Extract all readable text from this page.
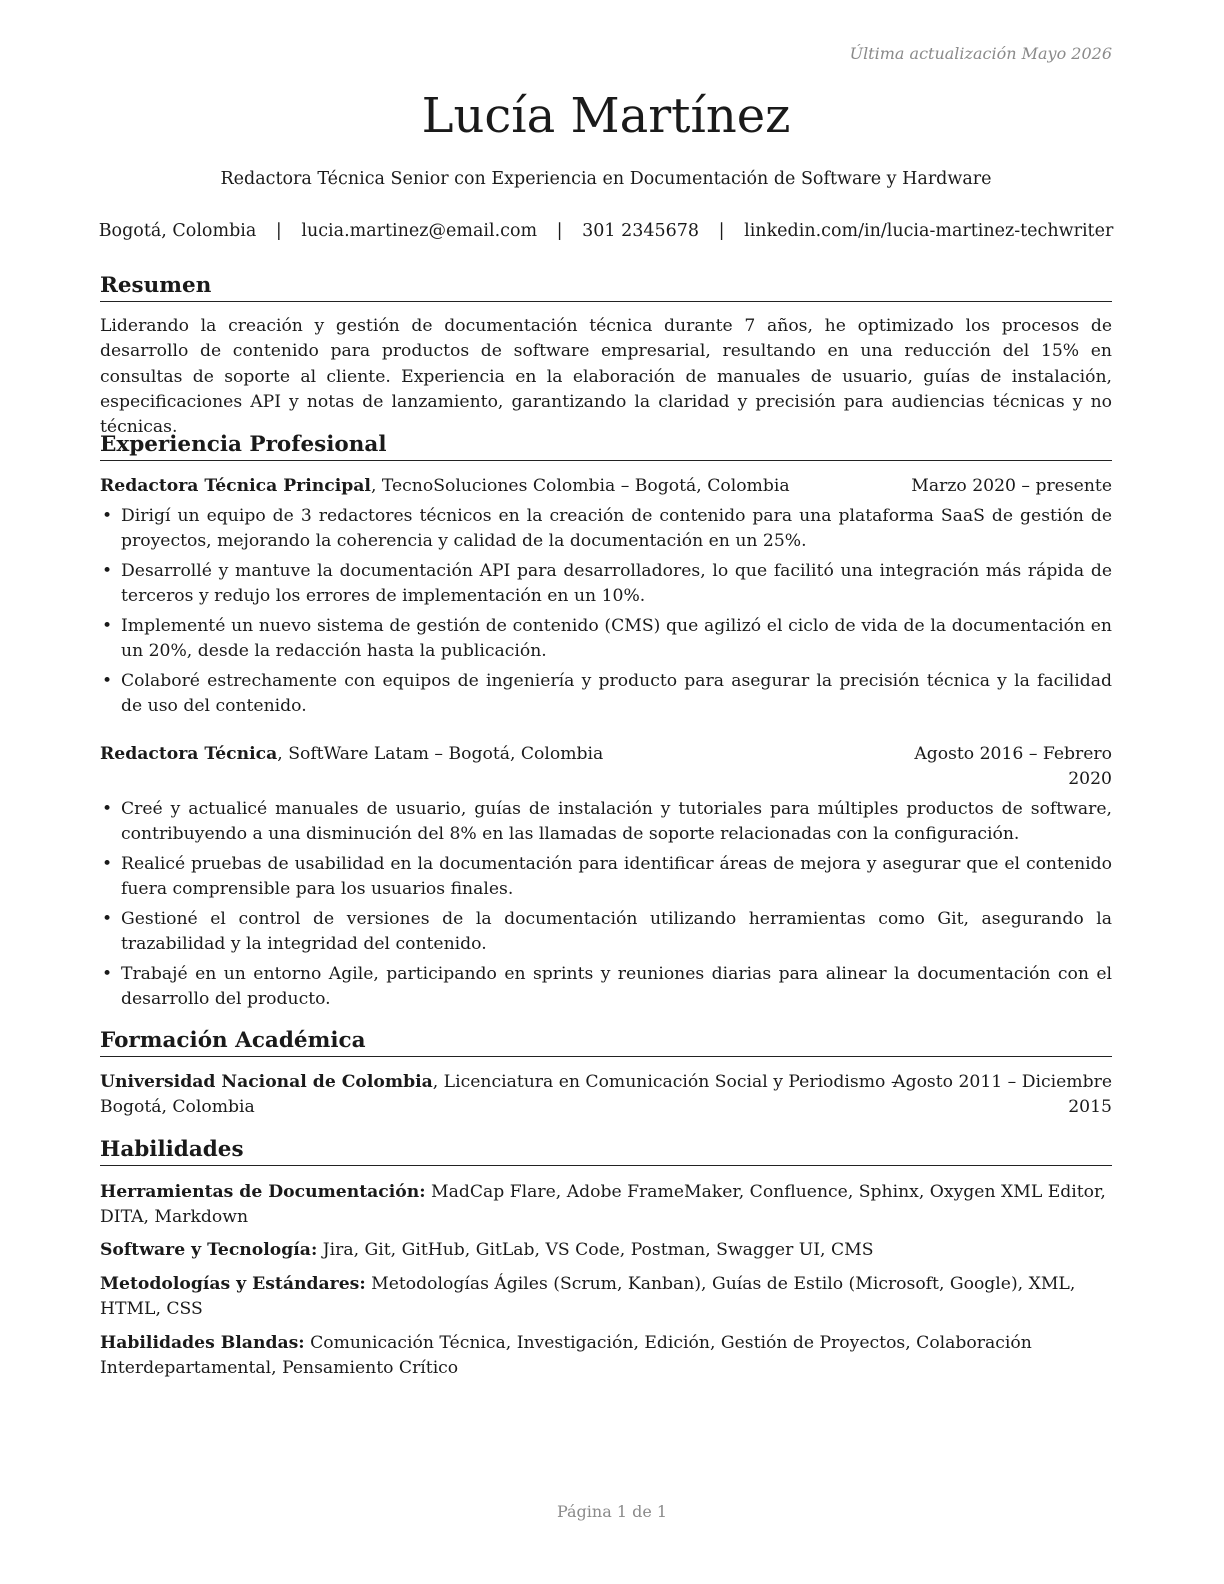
Última actualización Mayo 2026
Lucía Martínez
Redactora Técnica Senior con Experiencia en Documentación de Software y Hardware
Bogotá, Colombia | lucia.martinez@email.com | 301 2345678 | linkedin.com/in/lucia-martinez-techwriter
Resumen
Liderando la creación y gestión de documentación técnica durante 7 años, he optimizado los procesos de desarrollo de contenido para productos de software empresarial, resultando en una reducción del 15% en consultas de soporte al cliente. Experiencia en la elaboración de manuales de usuario, guías de instalación, especificaciones API y notas de lanzamiento, garantizando la claridad y precisión para audiencias técnicas y no técnicas.
Experiencia Profesional
Redactora Técnica Principal, TecnoSoluciones Colombia – Bogotá, Colombia	Marzo 2020 – presente
• Dirigí un equipo de 3 redactores técnicos en la creación de contenido para una plataforma SaaS de gestión de proyectos, mejorando la coherencia y calidad de la documentación en un 25%.
• Desarrollé y mantuve la documentación API para desarrolladores, lo que facilitó una integración más rápida de terceros y redujo los errores de implementación en un 10%.
• Implementé un nuevo sistema de gestión de contenido (CMS) que agilizó el ciclo de vida de la documentación en un 20%, desde la redacción hasta la publicación.
• Colaboré estrechamente con equipos de ingeniería y producto para asegurar la precisión técnica y la facilidad de uso del contenido.
Redactora Técnica, SoftWare Latam – Bogotá, Colombia	Agosto 2016 – Febrero 2020
• Creé y actualicé manuales de usuario, guías de instalación y tutoriales para múltiples productos de software, contribuyendo a una disminución del 8% en las llamadas de soporte relacionadas con la configuración.
• Realicé pruebas de usabilidad en la documentación para identificar áreas de mejora y asegurar que el contenido fuera comprensible para los usuarios finales.
• Gestioné el control de versiones de la documentación utilizando herramientas como Git, asegurando la trazabilidad y la integridad del contenido.
• Trabajé en un entorno Agile, participando en sprints y reuniones diarias para alinear la documentación con el desarrollo del producto.
Formación Académica
Universidad Nacional de Colombia, Licenciatura en Comunicación Social y Periodismo –
Bogotá, Colombia
Agosto 2011 – Diciembre
2015
Habilidades
Herramientas de Documentación: MadCap Flare, Adobe FrameMaker, Confluence, Sphinx, Oxygen XML Editor, DITA, Markdown
Software y Tecnología: Jira, Git, GitHub, GitLab, VS Code, Postman, Swagger UI, CMS
Metodologías y Estándares: Metodologías Ágiles (Scrum, Kanban), Guías de Estilo (Microsoft, Google), XML, HTML, CSS
Habilidades Blandas: Comunicación Técnica, Investigación, Edición, Gestión de Proyectos, Colaboración Interdepartamental, Pensamiento Crítico
Página 1 de 1
